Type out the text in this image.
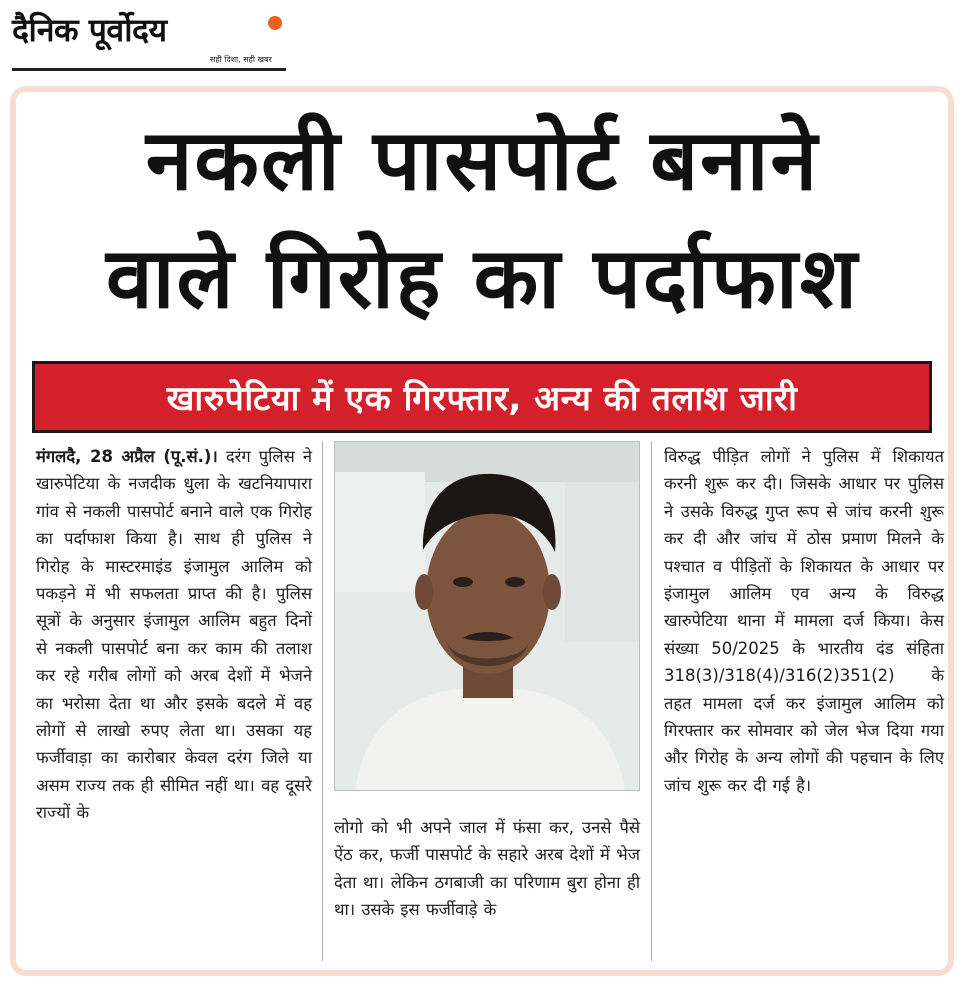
दैनिक पूर्वोदय
सही दिशा, सही खबर
नकली पासपोर्ट बनाने
वाले गिरोह का पर्दाफाश
खारुपेटिया में एक गिरफ्तार, अन्य की तलाश जारी

मंगलदै, 28 अप्रैल (पू.सं.)। दरंग पुलिस ने खारुपेटिया के नजदीक धुला के खटनियापारा गांव से नकली पासपोर्ट बनाने वाले एक गिरोह का पर्दाफाश किया है। साथ ही पुलिस ने गिरोह के मास्टरमाइंड इंजामुल आलिम को पकड़ने में भी सफलता प्राप्त की है। पुलिस सूत्रों के अनुसार इंजामुल आलिम बहुत दिनों से नकली पासपोर्ट बना कर काम की तलाश कर रहे गरीब लोगों को अरब देशों में भेजने का भरोसा देता था और इसके बदले में वह लोगों से लाखो रुपए लेता था। उसका यह फर्जीवाड़ा का कारोबार केवल दरंग जिले या असम राज्य तक ही सीमित नहीं था। वह दूसरे राज्यों के

लोगो को भी अपने जाल में फंसा कर, उनसे पैसे ऐंठ कर, फर्जी पासपोर्ट के सहारे अरब देशों में भेज देता था। लेकिन ठगबाजी का परिणाम बुरा होना ही था। उसके इस फर्जीवाड़े के

विरुद्ध पीड़ित लोगों ने पुलिस में शिकायत करनी शुरू कर दी। जिसके आधार पर पुलिस ने उसके विरुद्ध गुप्त रूप से जांच करनी शुरू कर दी और जांच में ठोस प्रमाण मिलने के पश्चात व पीड़ितों के शिकायत के आधार पर इंजामुल आलिम एव अन्य के विरुद्ध खारुपेटिया थाना में मामला दर्ज किया। केस संख्या 50/2025 के भारतीय दंड संहिता 318(3)/318(4)/316(2)351(2) के तहत मामला दर्ज कर इंजामुल आलिम को गिरफ्तार कर सोमवार को जेल भेज दिया गया और गिरोह के अन्य लोगों की पहचान के लिए जांच शुरू कर दी गई है।
